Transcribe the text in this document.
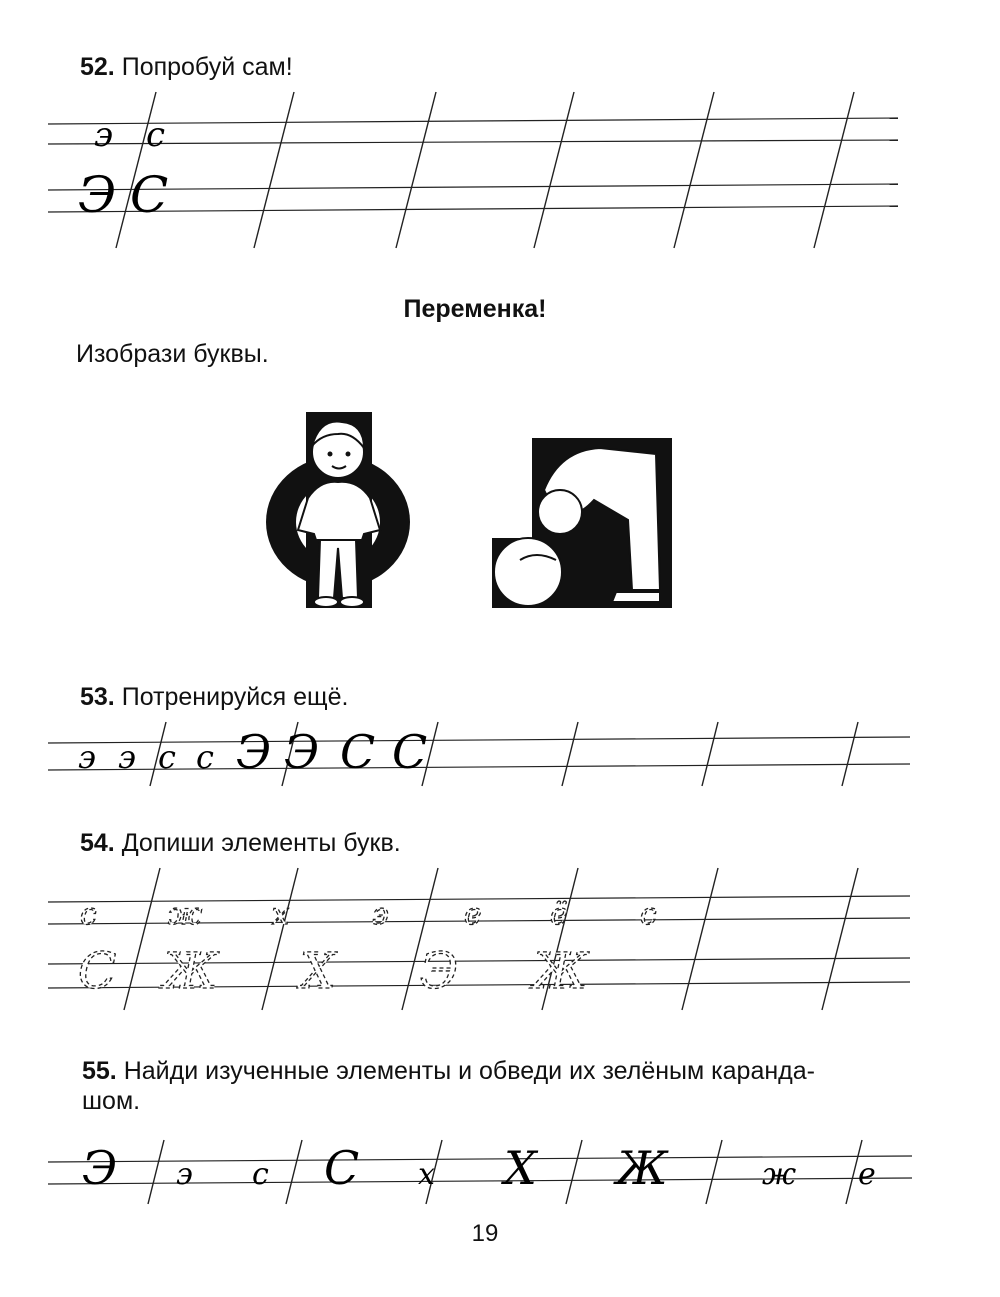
52. Попробуй сам!
э с
Э С
Переменка!
Изобрази буквы.
53. Потренируйся ещё.
э э с с Э Э С С
54. Допиши элементы букв.
с ж х	э	е ё с
С Ж Х Э Ж
55. Найди изученные элементы и обведи их зелёным каранда-
шом.
Э э с С х Х Ж	ж е
19
